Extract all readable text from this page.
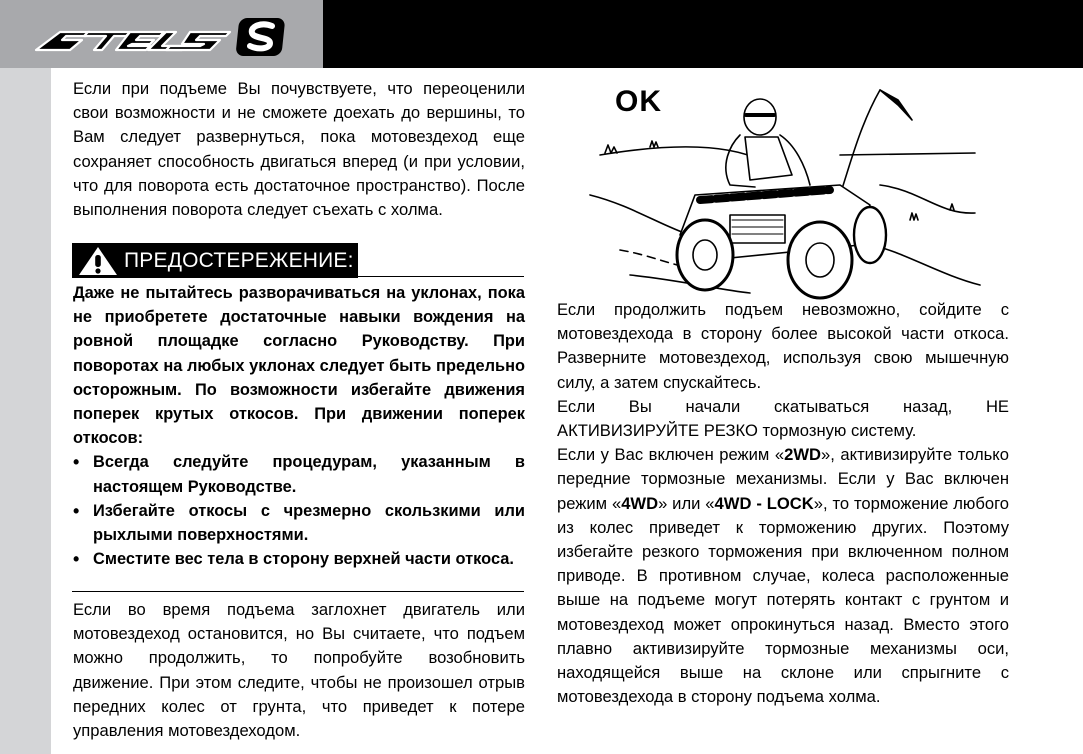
Если при подъеме Вы почувствуете, что переоценили свои возможности и не сможете доехать до вершины, то Вам следует развернуться, пока мотовездеход еще сохраняет способность двигаться вперед (и при условии, что для поворота есть достаточное пространство). После выполнения поворота следует съехать с холма.

ПРЕДОСТЕРЕЖЕНИЕ:

Даже не пытайтесь разворачиваться на уклонах, пока не приобретете достаточные навыки вождения на ровной площадке согласно Руководству. При поворотах на любых уклонах следует быть предельно осторожным. По возможности избегайте движения поперек крутых откосов. При движении поперек откосов:

• Всегда следуйте процедурам, указанным в настоящем Руководстве.
• Избегайте откосы с чрезмерно скользкими или рыхлыми поверхностями.
• Сместите вес тела в сторону верхней части откоса.

Если во время подъема заглохнет двигатель или мотовездеход остановится, но Вы считаете, что подъем можно продолжить, то попробуйте возобновить движение. При этом следите, чтобы не произошел отрыв передних колес от грунта, что приведет к потере управления мотовездеходом.

OK

Если продолжить подъем невозможно, сойдите с мотовездехода в сторону более высокой части откоса. Разверните мотовездеход, используя свою мышечную силу, а затем спускайтесь.

Если Вы начали скатываться назад, НЕ АКТИВИЗИРУЙТЕ РЕЗКО тормозную систему.

Если у Вас включен режим «2WD», активизируйте только передние тормозные механизмы. Если у Вас включен режим «4WD» или «4WD - LOCK», то торможение любого из колес приведет к торможению других. Поэтому избегайте резкого торможения при включенном полном приводе. В противном случае, колеса расположенные выше на подъеме могут потерять контакт с грунтом и мотовездеход может опрокинуться назад. Вместо этого плавно активизируйте тормозные механизмы оси, находящейся выше на склоне или спрыгните с мотовездехода в сторону подъема холма.
